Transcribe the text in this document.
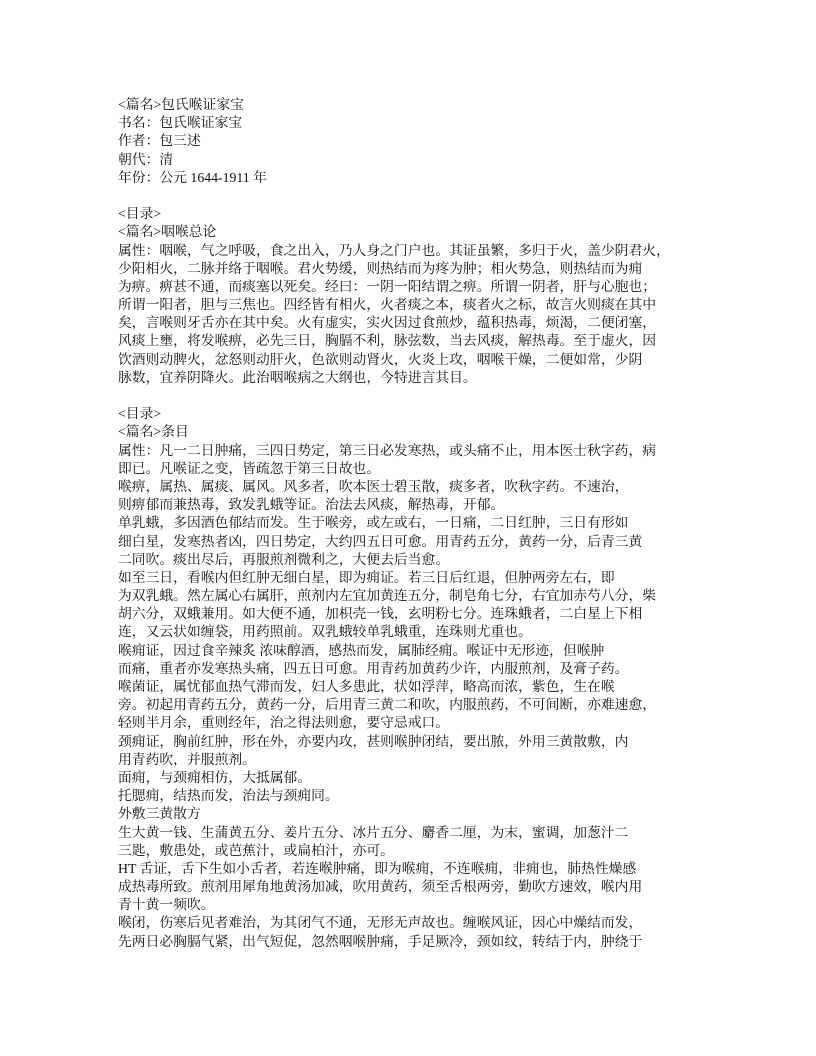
<篇名>包氏喉证家宝
书名：包氏喉证家宝
作者：包三述
朝代：清
年份：公元 1644-1911 年
<目录>
<篇名>咽喉总论
属性：咽喉，气之呼吸，食之出入，乃人身之门户也。其证虽繁，多归于火，盖少阴君火，
少阳相火，二脉并络于咽喉。君火势缓，则热结而为疼为肿；相火势急，则热结而为痈
为痹。痹甚不通，而痰塞以死矣。经曰：一阴一阳结谓之痹。所谓一阴者，肝与心胞也；
所谓一阳者，胆与三焦也。四经皆有相火，火者痰之本，痰者火之标，故言火则痰在其中
矣，言喉则牙舌亦在其中矣。火有虚实，实火因过食煎炒，蕴积热毒，烦渴，二便闭塞，
风痰上壅，将发喉痹，必先三日，胸膈不利，脉弦数，当去风痰，解热毒。至于虚火，因
饮酒则动脾火，忿怒则动肝火，色欲则动肾火，火炎上攻，咽喉干燥，二便如常，少阴
脉数，宜养阴降火。此治咽喉病之大纲也，今特进言其目。
<目录>
<篇名>条目
属性：凡一二日肿痛，三四日势定，第三日必发寒热，或头痛不止，用本医士秋字药，病
即已。凡喉证之变，皆疏忽于第三日故也。
喉痹，属热、属痰、属风。风多者，吹本医士碧玉散，痰多者，吹秋字药。不速治，
则痹郁而兼热毒，致发乳蛾等证。治法去风痰，解热毒，开郁。
单乳蛾，多因酒色郁结而发。生于喉旁，或左或右，一日痛，二日红肿，三日有形如
细白星，发寒热者凶，四日势定，大约四五日可愈。用青药五分，黄药一分，后青三黄
二同吹。痰出尽后，再服煎剂微利之，大便去后当愈。
如至三日，看喉内但红肿无细白星，即为痈证。若三日后红退，但肿两旁左右，即
为双乳蛾。然左属心右属肝，煎剂内左宜加黄连五分，制皂角七分，右宜加赤芍八分，柴
胡六分，双蛾兼用。如大便不通，加枳壳一钱，玄明粉七分。连珠蛾者，二白星上下相
连，又云状如缠袋，用药照前。双乳蛾较单乳蛾重，连珠则尤重也。
喉痈证，因过食辛辣炙 浓味醇酒，感热而发，属肺经痈。喉证中无形迹，但喉肿
而痛，重者亦发寒热头痛，四五日可愈。用青药加黄药少许，内服煎剂，及膏子药。
喉菌证，属忧郁血热气滞而发，妇人多患此，状如浮萍，略高而浓，紫色，生在喉
旁。初起用青药五分，黄药一分，后用青三黄二和吹，内服煎药，不可间断，亦难速愈，
轻则半月余，重则经年，治之得法则愈，要守忌戒口。
颈痈证，胸前红肿，形在外，亦要内攻，甚则喉肿闭结，要出脓，外用三黄散敷，内
用青药吹，并服煎剂。
面痈，与颈痈相仿，大抵属郁。
托腮痈，结热而发，治法与颈痈同。
外敷三黄散方
生大黄一钱、生蒲黄五分、姜片五分、冰片五分、麝香二厘，为末，蜜调，加葱汁二
三匙，敷患处，或芭蕉汁，或扁柏汁，亦可。
HT 舌证，舌下生如小舌者，若连喉肿痛，即为喉痈，不连喉痈，非痈也，肺热性燥感
成热毒所致。煎剂用犀角地黄汤加减，吹用黄药，须至舌根两旁，勤吹方速效，喉内用
青十黄一频吹。
喉闭，伤寒后见者难治，为其闭气不通，无形无声故也。缠喉风证，因心中燥结而发，
先两日必胸膈气紧，出气短促，忽然咽喉肿痛，手足厥冷，颈如纹，转结于内，肿绕于
